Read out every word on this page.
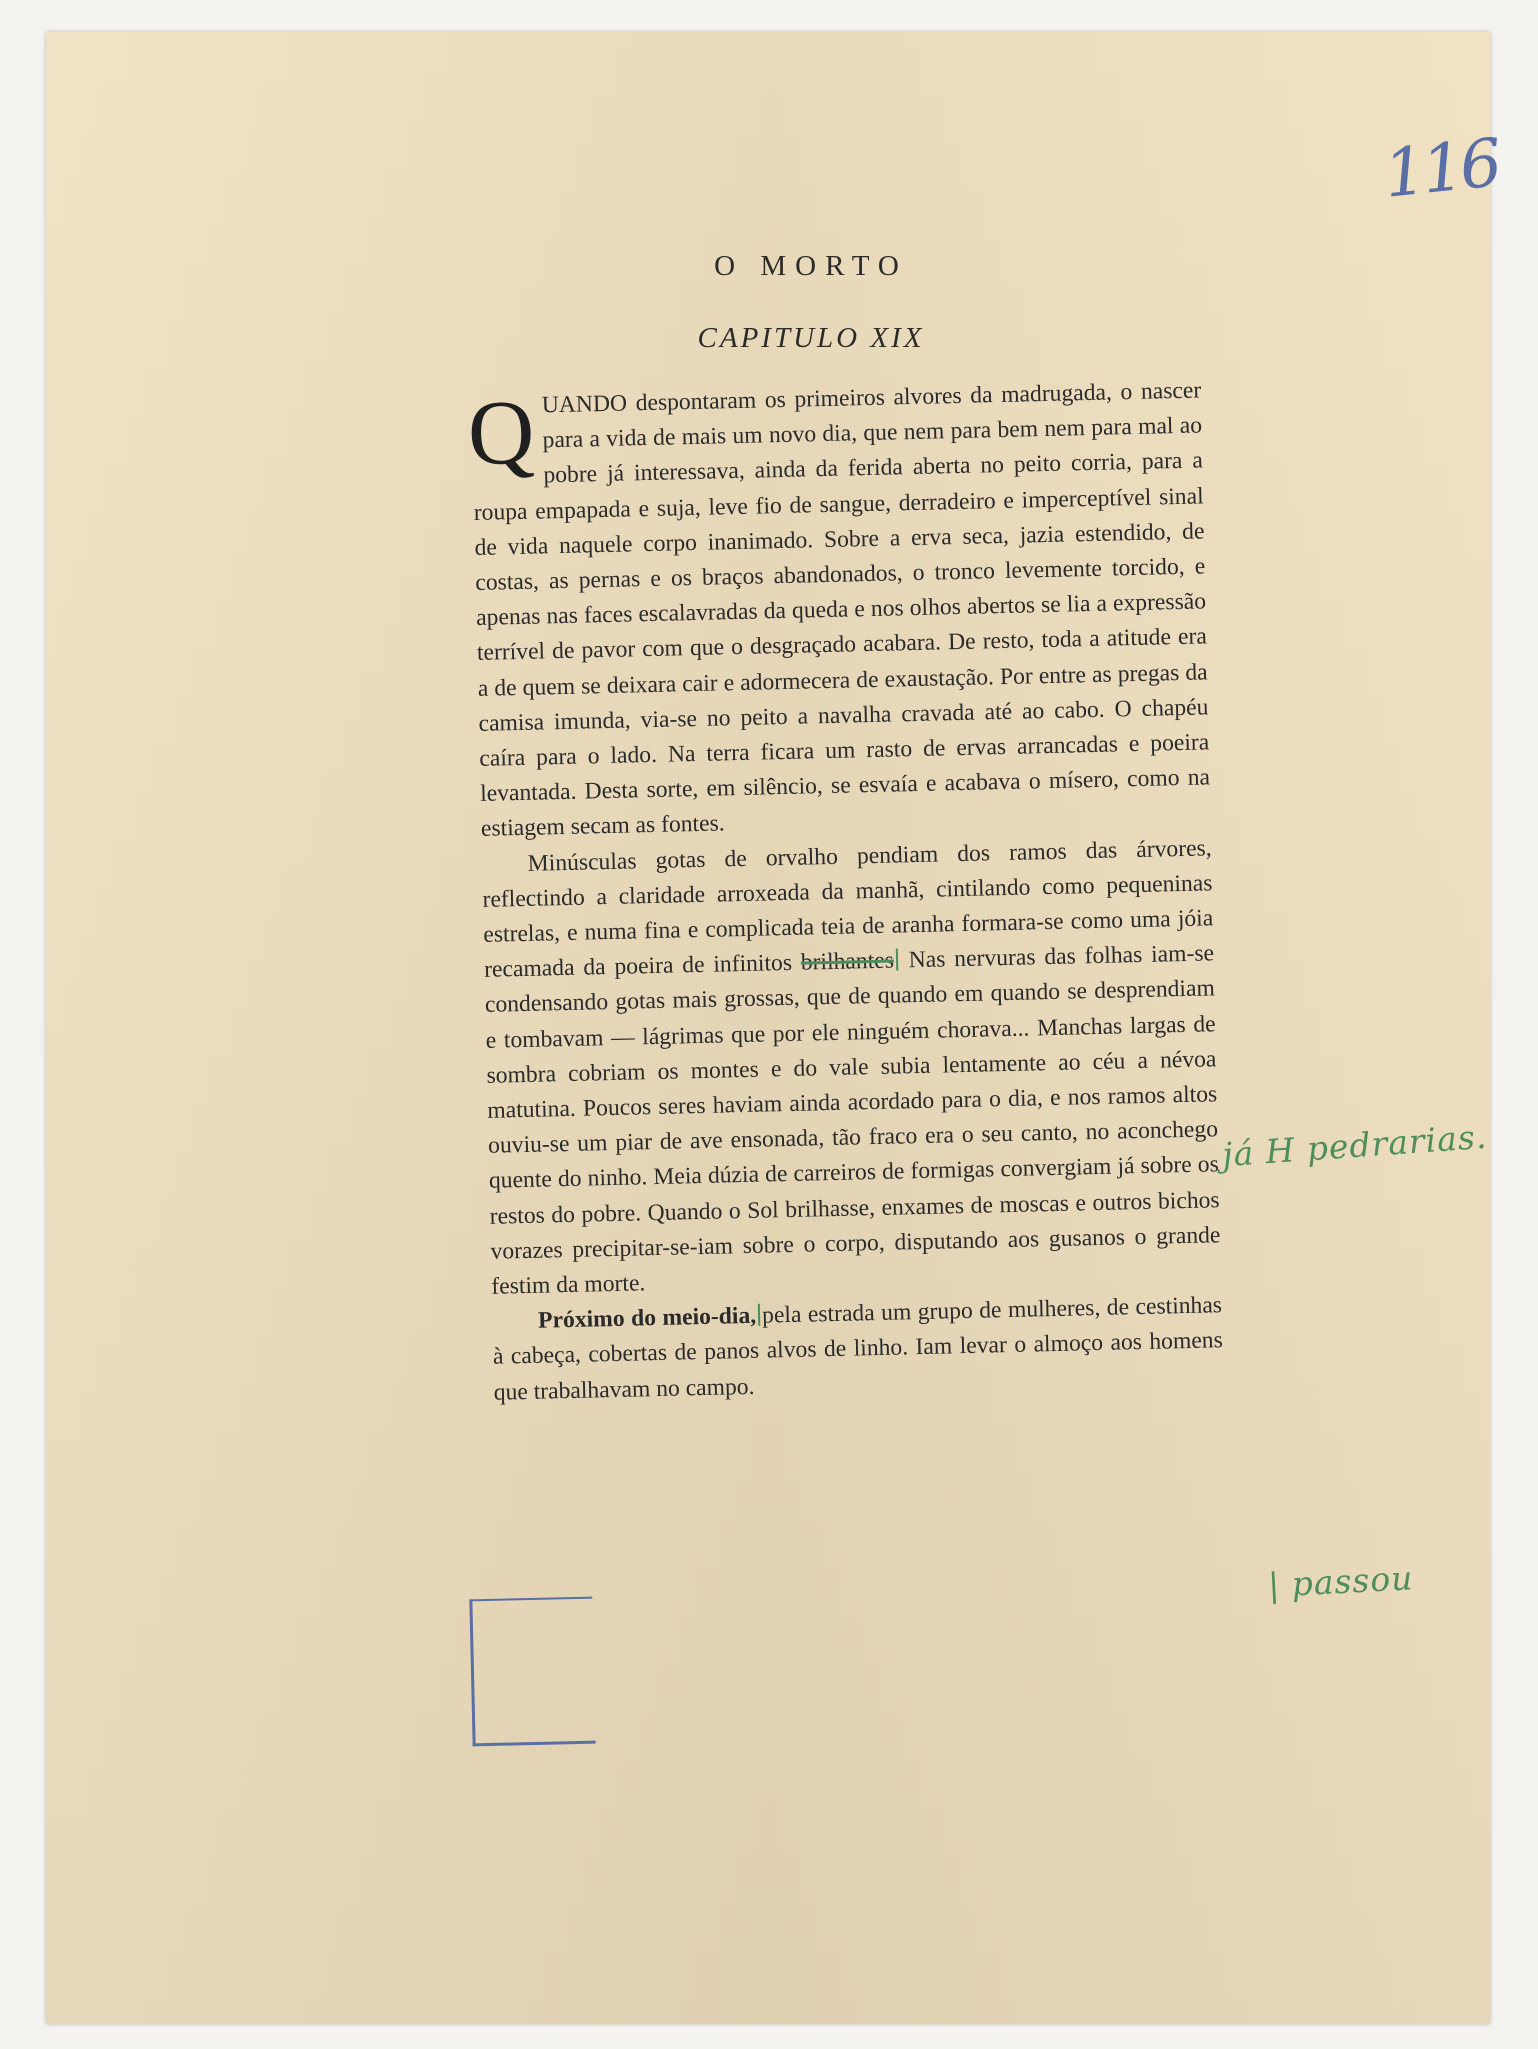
116
O MORTO
CAPITULO XIX

QUANDO despontaram os primeiros alvores da madrugada, o nascer para a vida de mais um novo dia, que nem para bem nem para mal ao pobre já interessava, ainda da ferida aberta no peito corria, para a roupa empapada e suja, leve fio de sangue, derradeiro e imperceptível sinal de vida naquele corpo inanimado. Sobre a erva seca, jazia estendido, de costas, as pernas e os braços abandonados, o tronco levemente torcido, e apenas nas faces escalavradas da queda e nos olhos abertos se lia a expressão terrível de pavor com que o desgraçado acabara. De resto, toda a atitude era a de quem se deixara cair e adormecera de exaustação. Por entre as pregas da camisa imunda, via-se no peito a navalha cravada até ao cabo. O chapéu caíra para o lado. Na terra ficara um rasto de ervas arrancadas e poeira levantada. Desta sorte, em silêncio, se esvaía e acabava o mísero, como na estiagem secam as fontes.

Minúsculas gotas de orvalho pendiam dos ramos das árvores, reflectindo a claridade arroxeada da manhã, cintilando como pequeninas estrelas, e numa fina e complicada teia de aranha formara-se como uma jóia recamada da poeira de infinitos brilhantes Nas nervuras das folhas iam-se condensando gotas mais grossas, que de quando em quando se desprendiam e tombavam — lágrimas que por ele ninguém chorava... Manchas largas de sombra cobriam os montes e do vale subia lentamente ao céu a névoa matutina. Poucos seres haviam ainda acordado para o dia, e nos ramos altos ouviu-se um piar de ave ensonada, tão fraco era o seu canto, no aconchego quente do ninho. Meia dúzia de carreiros de formigas convergiam já sobre os restos do pobre. Quando o Sol brilhasse, enxames de moscas e outros bichos vorazes precipitar-se-iam sobre o corpo, disputando aos gusanos o grande festim da morte.

Próximo do meio-dia, pela estrada um grupo de mulheres, de cestinhas à cabeça, cobertas de panos alvos de linho. Iam levar o almoço aos homens que trabalhavam no campo.

já H pedrarias.
| passou
